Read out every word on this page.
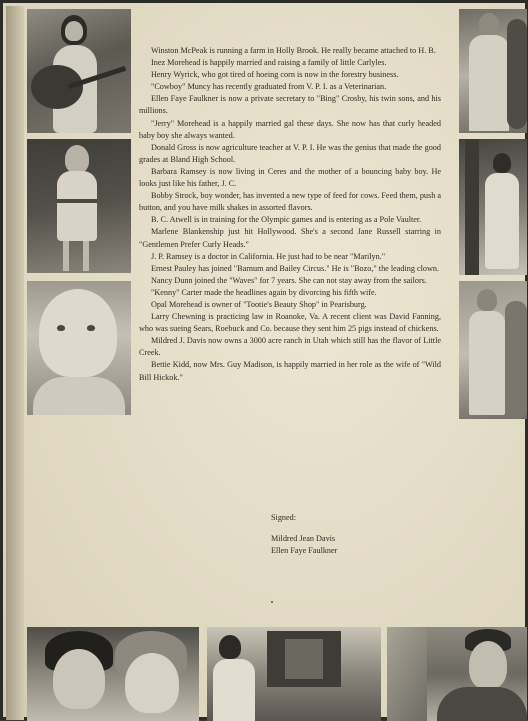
Winston McPeak is running a farm in Holly Brook. He really became attached to H. B.

Inez Morehead is happily married and raising a family of little Carlyles.

Henry Wyrick, who got tired of hoeing corn is now in the forestry business.

"Cowboy" Muncy has recently graduated from V. P. I. as a Veterinarian.

Ellen Faye Faulkner is now a private secretary to "Bing" Crosby, his twin sons, and his millions.

"Jerry" Morehead is a happily married gal these days. She now has that curly headed baby boy she always wanted.

Donald Gross is now agriculture teacher at V. P. I. He was the genius that made the good grades at Bland High School.

Barbara Ramsey is now living in Ceres and the mother of a bouncing baby boy. He looks just like his father, J. C.

Bobby Strock, boy wonder, has invented a new type of feed for cows. Feed them, push a button, and you have milk shakes in assorted flavors.

B. C. Atwell is in training for the Olympic games and is entering as a Pole Vaulter.

Marlene Blankenship just hit Hollywood. She's a second Jane Russell starring in "Gentlemen Prefer Curly Heads."

J. P. Ramsey is a doctor in California. He just had to be near "Marilyn."

Ernest Pauley has joined "Barnum and Bailey Circus." He is "Bozo," the leading clown.

Nancy Dunn joined the "Waves" for 7 years. She can not stay away from the sailors.

"Kenny" Carter made the headlines again by divorcing his fifth wife.

Opal Morehead is owner of "Tootie's Beauty Shop" in Pearisburg.

Larry Chewning is practicing law in Roanoke, Va. A recent client was David Fanning, who was sueing Sears, Roebuck and Co. because they sent him 25 pigs instead of chickens.

Mildred J. Davis now owns a 3000 acre ranch in Utah which still has the flavor of Little Creek.

Bettie Kidd, now Mrs. Guy Madison, is happily married in her role as the wife of "Wild Bill Hickok."

Signed:
Mildred Jean Davis
Ellen Faye Faulkner
